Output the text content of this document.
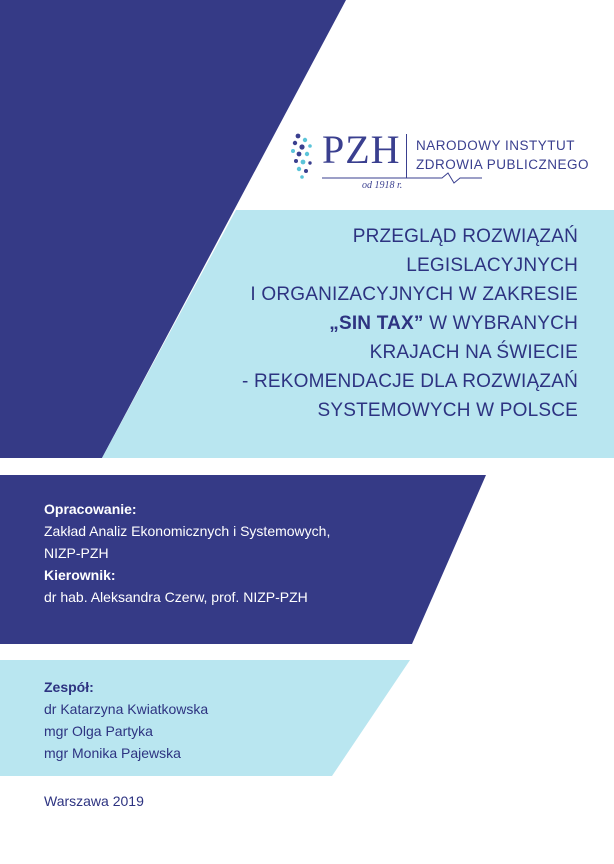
PZH NARODOWY INSTYTUT
ZDROWIA PUBLICZNEGO
od 1918 r.
PRZEGLĄD ROZWIĄZAŃ
LEGISLACYJNYCH
I ORGANIZACYJNYCH W ZAKRESIE
„SIN TAX” W WYBRANYCH
KRAJACH NA ŚWIECIE
- REKOMENDACJE DLA ROZWIĄZAŃ
SYSTEMOWYCH W POLSCE
Opracowanie:
Zakład Analiz Ekonomicznych i Systemowych,
NIZP-PZH
Kierownik:
dr hab. Aleksandra Czerw, prof. NIZP-PZH
Zespół:
dr Katarzyna Kwiatkowska
mgr Olga Partyka
mgr Monika Pajewska
Warszawa 2019
